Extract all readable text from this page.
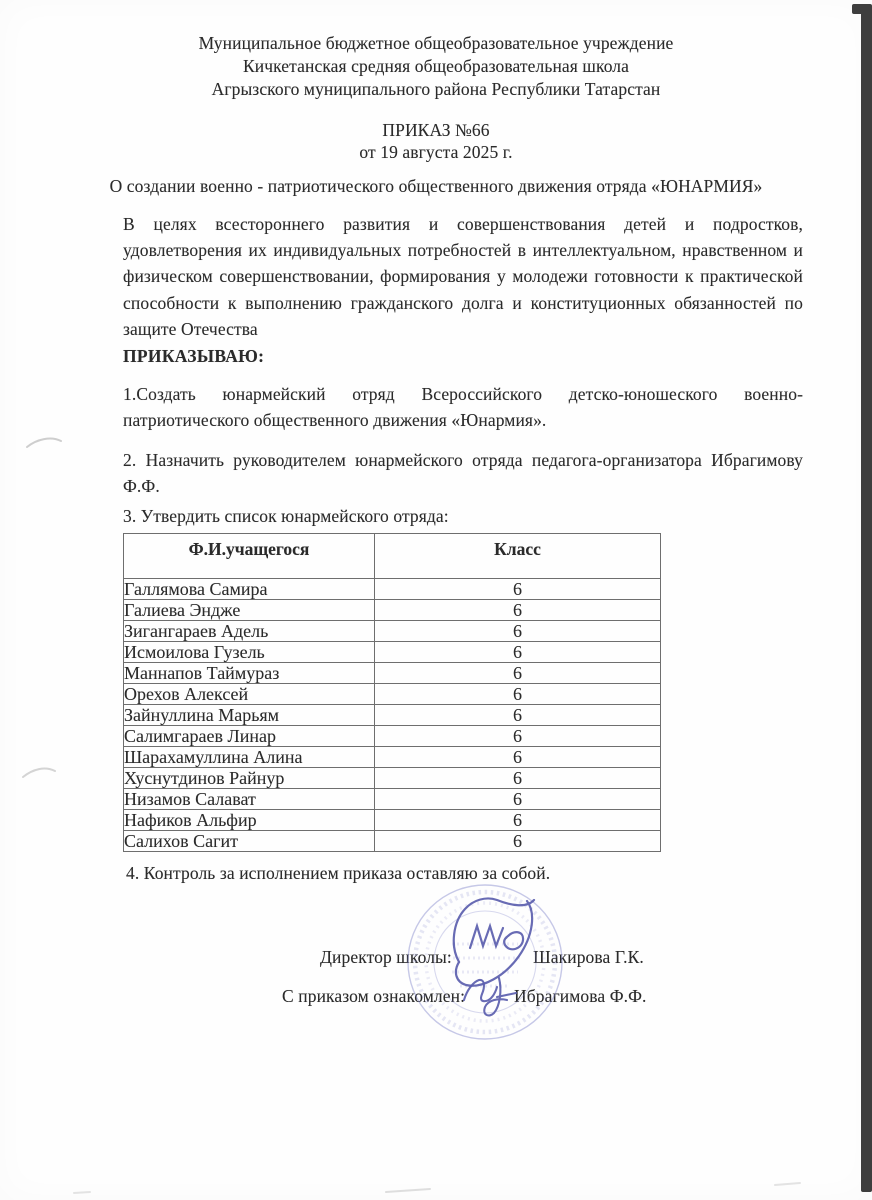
Муниципальное бюджетное общеобразовательное учреждение
Кичкетанская средняя общеобразовательная школа
Агрызского муниципального района Республики Татарстан
ПРИКАЗ №66
от 19 августа 2025 г.
О создании военно - патриотического общественного движения отряда «ЮНАРМИЯ»
В целях всестороннего развития и совершенствования детей и подростков, удовлетворения их индивидуальных потребностей в интеллектуальном, нравственном и физическом совершенствовании, формирования у молодежи готовности к практической способности к выполнению гражданского долга и конституционных обязанностей по защите Отечества
ПРИКАЗЫВАЮ:
1.Создать юнармейский отряд Всероссийского детско-юношеского военно-патриотического общественного движения «Юнармия».
2. Назначить руководителем юнармейского отряда педагога-организатора Ибрагимову Ф.Ф.
3. Утвердить список юнармейского отряда:
Ф.И.учащегося	Класс
Галлямова Самира	6
Галиева Эндже	6
Зигангараев Адель	6
Исмоилова Гузель	6
Маннапов Таймураз	6
Орехов Алексей	6
Зайнуллина Марьям	6
Салимгараев Линар	6
Шарахамуллина Алина	6
Хуснутдинов Райнур	6
Низамов Салават	6
Нафиков Альфир	6
Салихов Сагит	6
4. Контроль за исполнением приказа оставляю за собой.
Директор школы:	Шакирова Г.К.
С приказом ознакомлен:	Ибрагимова Ф.Ф.
